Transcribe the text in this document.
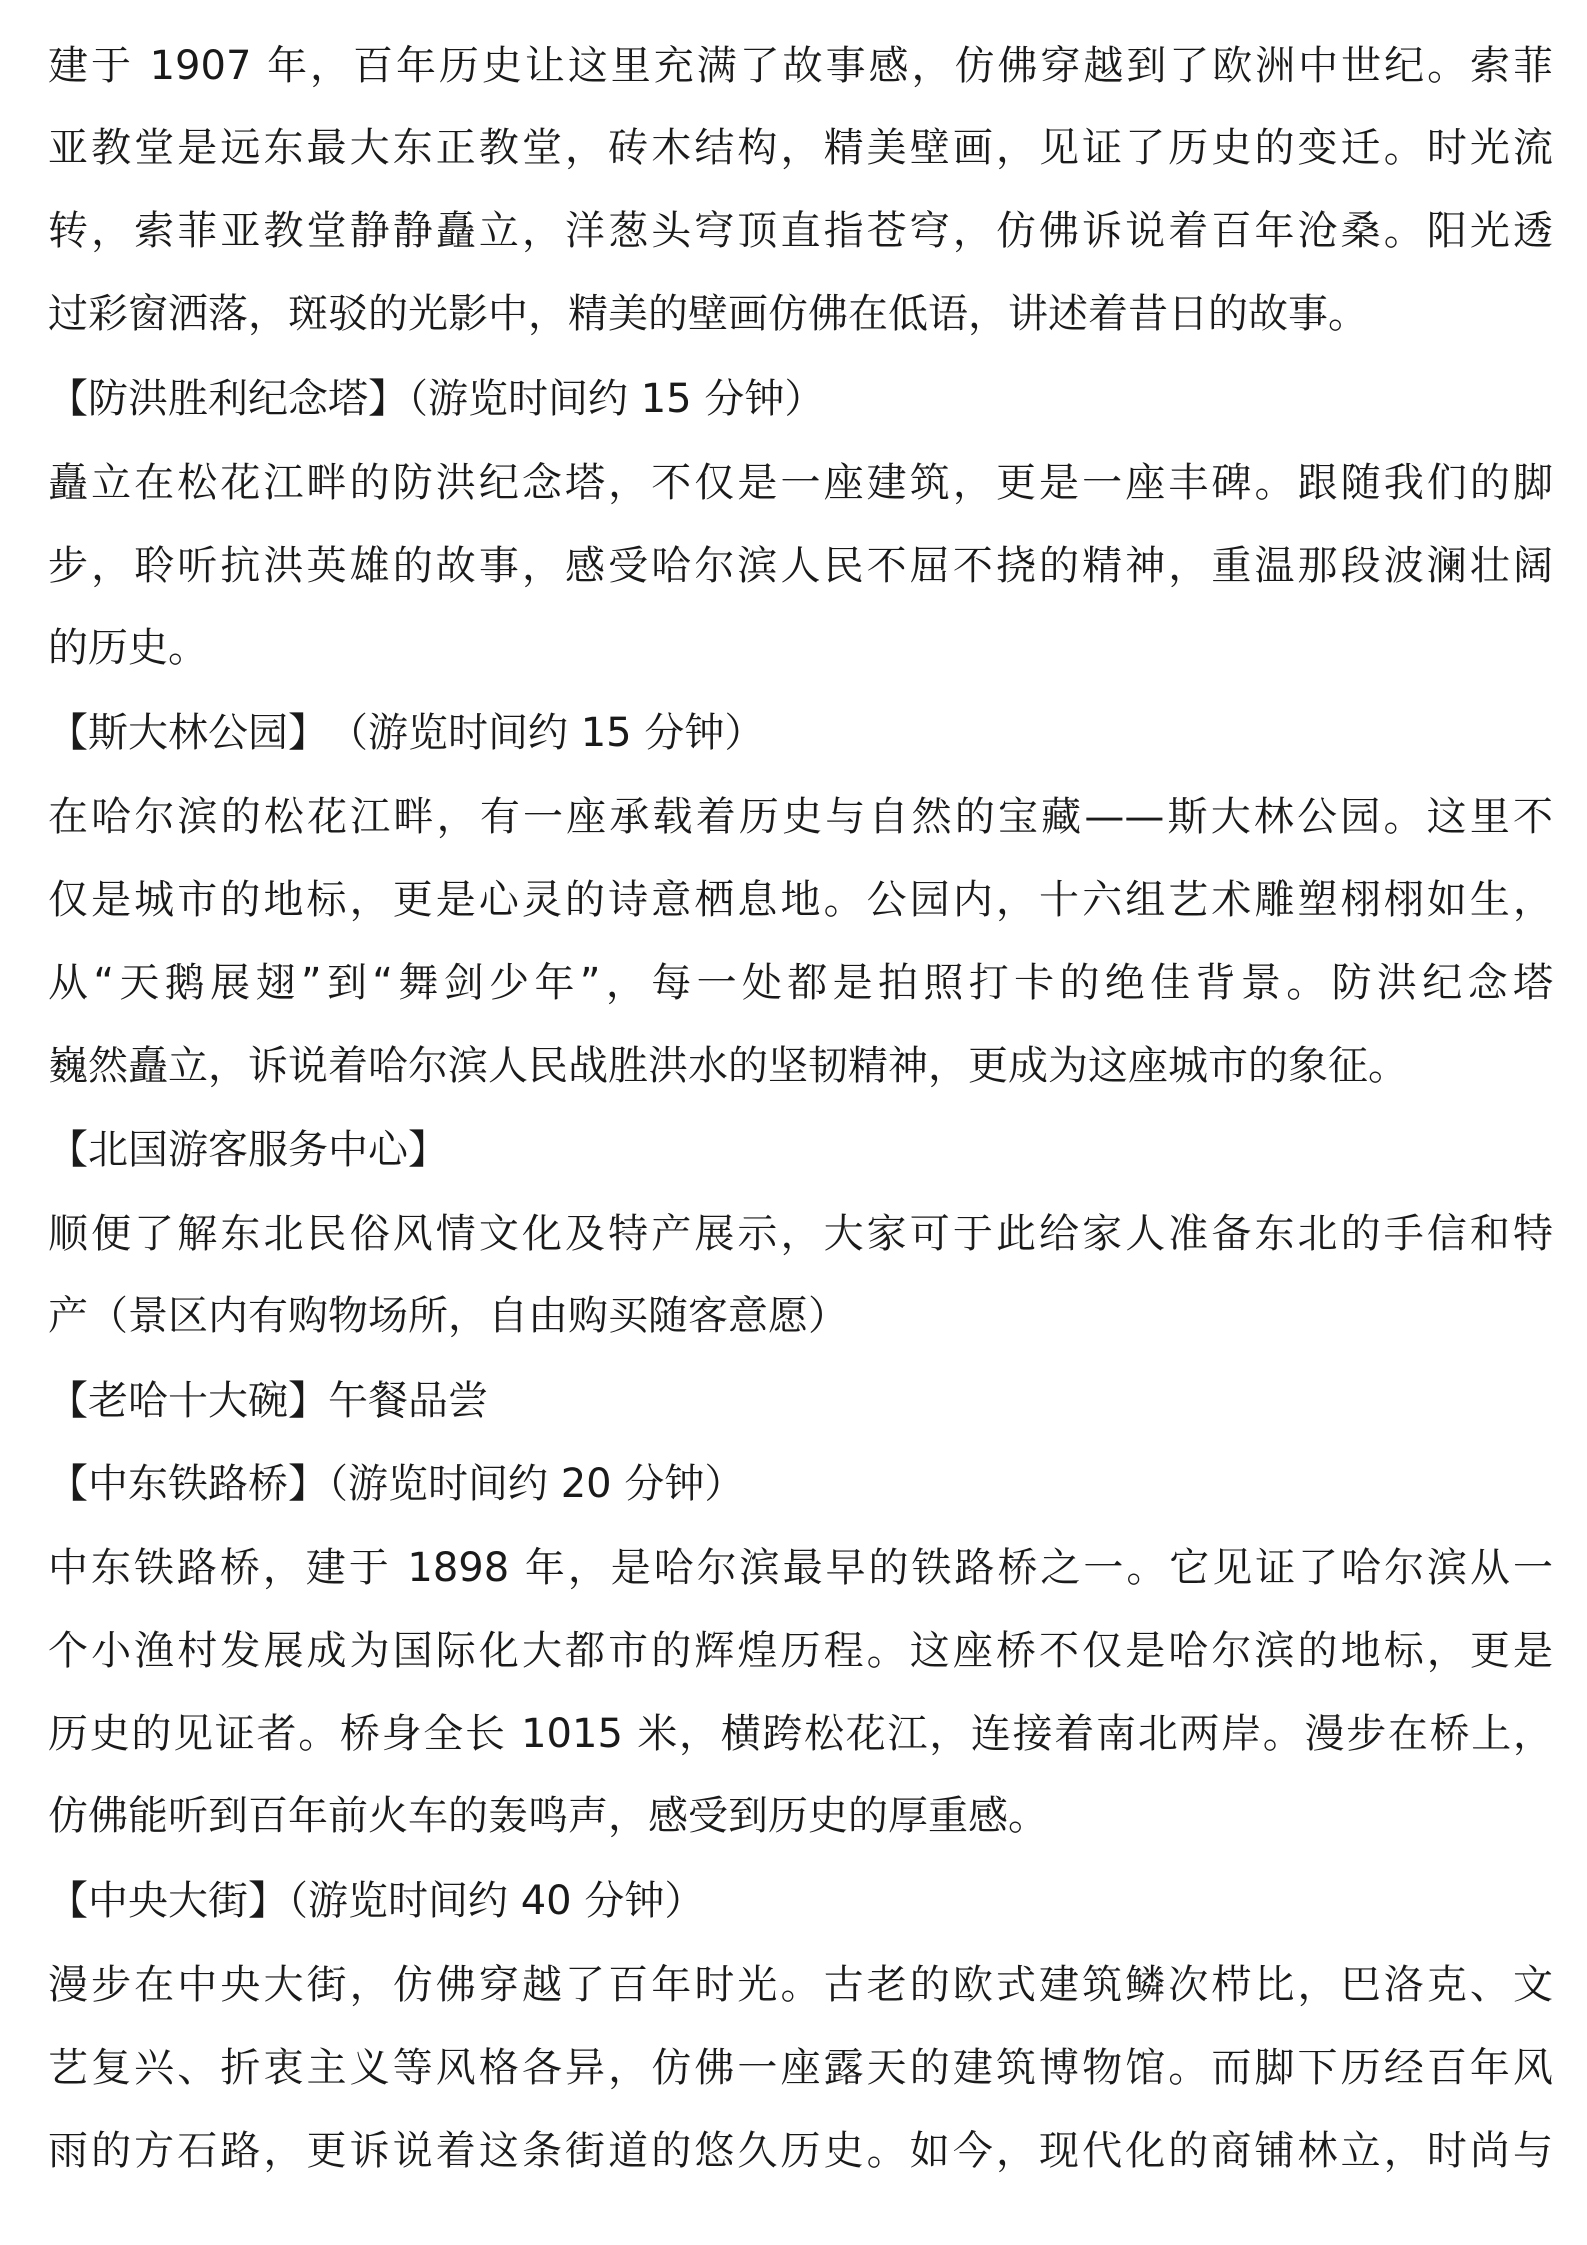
建于 1907 年，百年历史让这里充满了故事感，仿佛穿越到了欧洲中世纪。索菲
亚教堂是远东最大东正教堂，砖木结构，精美壁画，见证了历史的变迁。时光流
转，索菲亚教堂静静矗立，洋葱头穹顶直指苍穹，仿佛诉说着百年沧桑。阳光透
过彩窗洒落，斑驳的光影中，精美的壁画仿佛在低语，讲述着昔日的故事。
【防洪胜利纪念塔】（游览时间约 15 分钟）
矗立在松花江畔的防洪纪念塔，不仅是一座建筑，更是一座丰碑。跟随我们的脚
步，聆听抗洪英雄的故事，感受哈尔滨人民不屈不挠的精神，重温那段波澜壮阔
的历史。
【斯大林公园】　（游览时间约 15 分钟）
在哈尔滨的松花江畔，有一座承载着历史与自然的宝藏——斯大林公园。这里不
仅是城市的地标，更是心灵的诗意栖息地。公园内，十六组艺术雕塑栩栩如生，
从“天鹅展翅”到“舞剑少年”，每一处都是拍照打卡的绝佳背景。防洪纪念塔
巍然矗立，诉说着哈尔滨人民战胜洪水的坚韧精神，更成为这座城市的象征。
【北国游客服务中心】
顺便了解东北民俗风情文化及特产展示，大家可于此给家人准备东北的手信和特
产（景区内有购物场所，自由购买随客意愿）
【老哈十大碗】午餐品尝
【中东铁路桥】（游览时间约 20 分钟）
中东铁路桥，建于 1898 年，是哈尔滨最早的铁路桥之一。它见证了哈尔滨从一
个小渔村发展成为国际化大都市的辉煌历程。这座桥不仅是哈尔滨的地标，更是
历史的见证者。桥身全长 1015 米，横跨松花江，连接着南北两岸。漫步在桥上，
仿佛能听到百年前火车的轰鸣声，感受到历史的厚重感。
【中央大街】（游览时间约 40 分钟）
漫步在中央大街，仿佛穿越了百年时光。古老的欧式建筑鳞次栉比，巴洛克、文
艺复兴、折衷主义等风格各异，仿佛一座露天的建筑博物馆。而脚下历经百年风
雨的方石路，更诉说着这条街道的悠久历史。如今，现代化的商铺林立，时尚与
